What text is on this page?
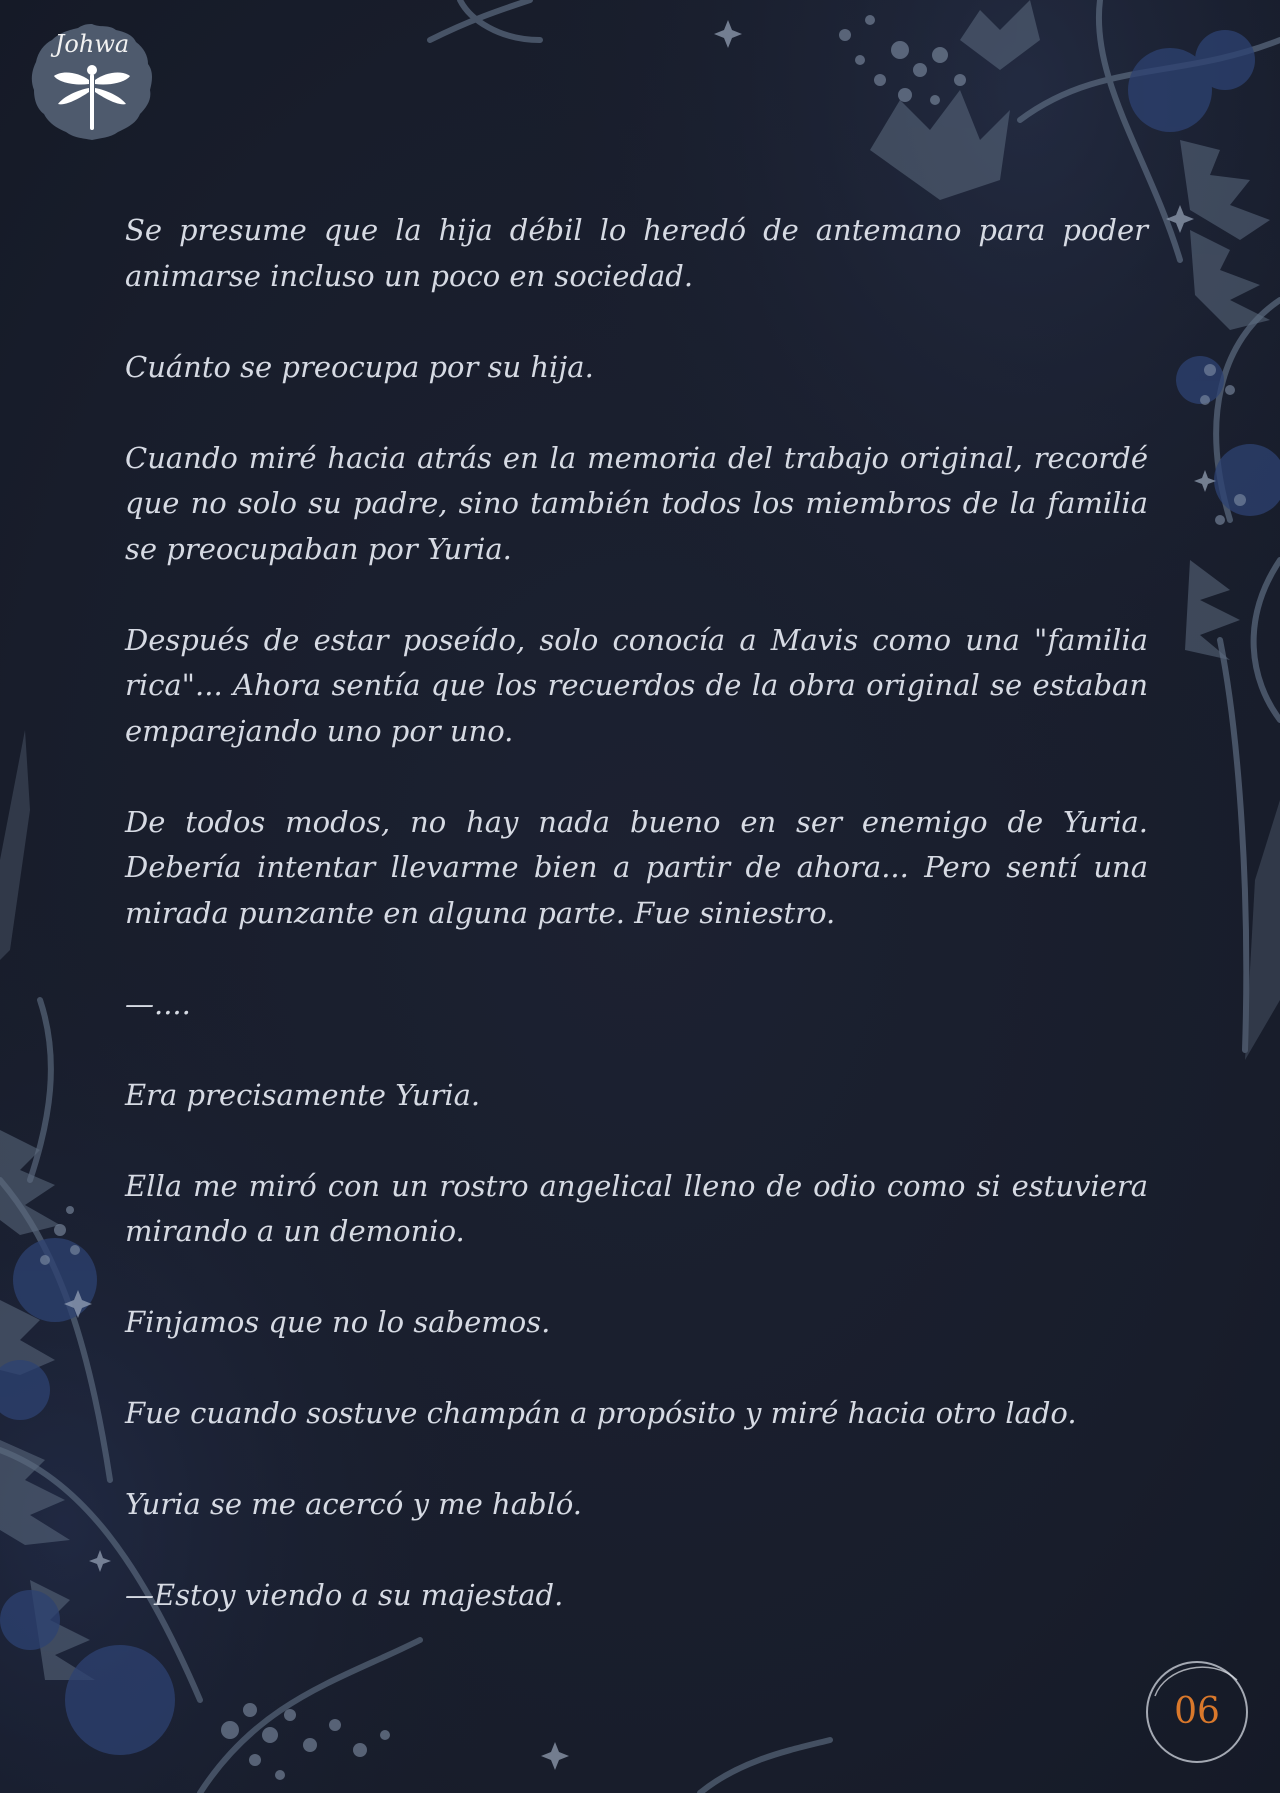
Johwa

Se presume que la hija débil lo heredó de antemano para poder animarse incluso un poco en sociedad.

Cuánto se preocupa por su hija.

Cuando miré hacia atrás en la memoria del trabajo original, recordé que no solo su padre, sino también todos los miembros de la familia se preocupaban por Yuria.

Después de estar poseído, solo conocía a Mavis como una "familia rica"... Ahora sentía que los recuerdos de la obra original se estaban emparejando uno por uno.

De todos modos, no hay nada bueno en ser enemigo de Yuria. Debería intentar llevarme bien a partir de ahora... Pero sentí una mirada punzante en alguna parte. Fue siniestro.

—....

Era precisamente Yuria.

Ella me miró con un rostro angelical lleno de odio como si estuviera mirando a un demonio.

Finjamos que no lo sabemos.

Fue cuando sostuve champán a propósito y miré hacia otro lado.

Yuria se me acercó y me habló.

—Estoy viendo a su majestad.

06
